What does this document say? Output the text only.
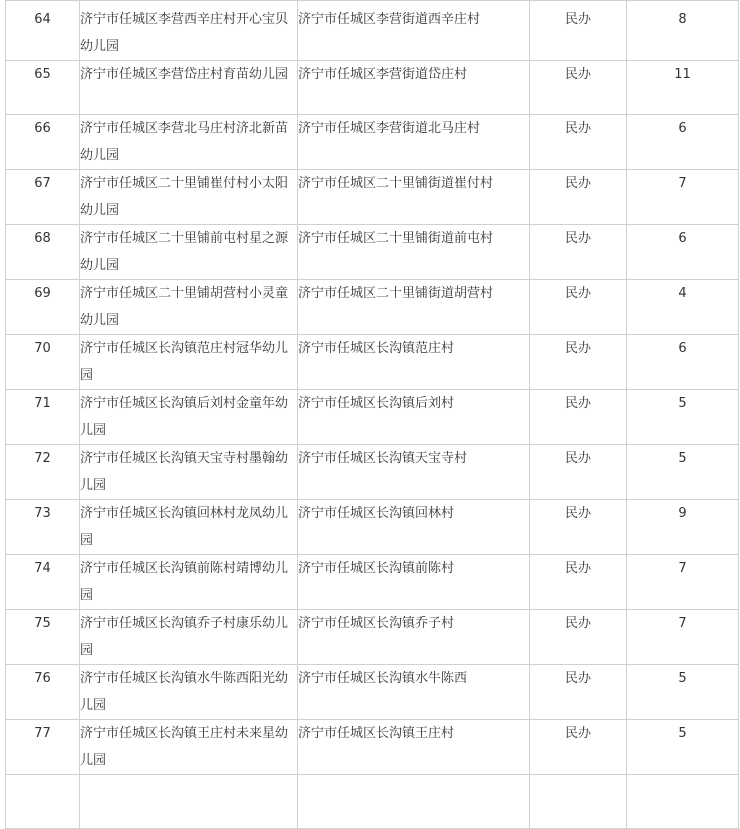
64	济宁市任城区李营西辛庄村开心宝贝幼儿园	济宁市任城区李营街道西辛庄村	民办	8
65	济宁市任城区李营岱庄村育苗幼儿园	济宁市任城区李营街道岱庄村	民办	11
66	济宁市任城区李营北马庄村济北新苗幼儿园	济宁市任城区李营街道北马庄村	民办	6
67	济宁市任城区二十里铺崔付村小太阳幼儿园	济宁市任城区二十里铺街道崔付村	民办	7
68	济宁市任城区二十里铺前屯村星之源幼儿园	济宁市任城区二十里铺街道前屯村	民办	6
69	济宁市任城区二十里铺胡营村小灵童幼儿园	济宁市任城区二十里铺街道胡营村	民办	4
70	济宁市任城区长沟镇范庄村冠华幼儿园	济宁市任城区长沟镇范庄村	民办	6
71	济宁市任城区长沟镇后刘村金童年幼儿园	济宁市任城区长沟镇后刘村	民办	5
72	济宁市任城区长沟镇天宝寺村墨翰幼儿园	济宁市任城区长沟镇天宝寺村	民办	5
73	济宁市任城区长沟镇回林村龙凤幼儿园	济宁市任城区长沟镇回林村	民办	9
74	济宁市任城区长沟镇前陈村靖博幼儿园	济宁市任城区长沟镇前陈村	民办	7
75	济宁市任城区长沟镇乔子村康乐幼儿园	济宁市任城区长沟镇乔子村	民办	7
76	济宁市任城区长沟镇水牛陈西阳光幼儿园	济宁市任城区长沟镇水牛陈西	民办	5
77	济宁市任城区长沟镇王庄村未来星幼儿园	济宁市任城区长沟镇王庄村	民办	5
